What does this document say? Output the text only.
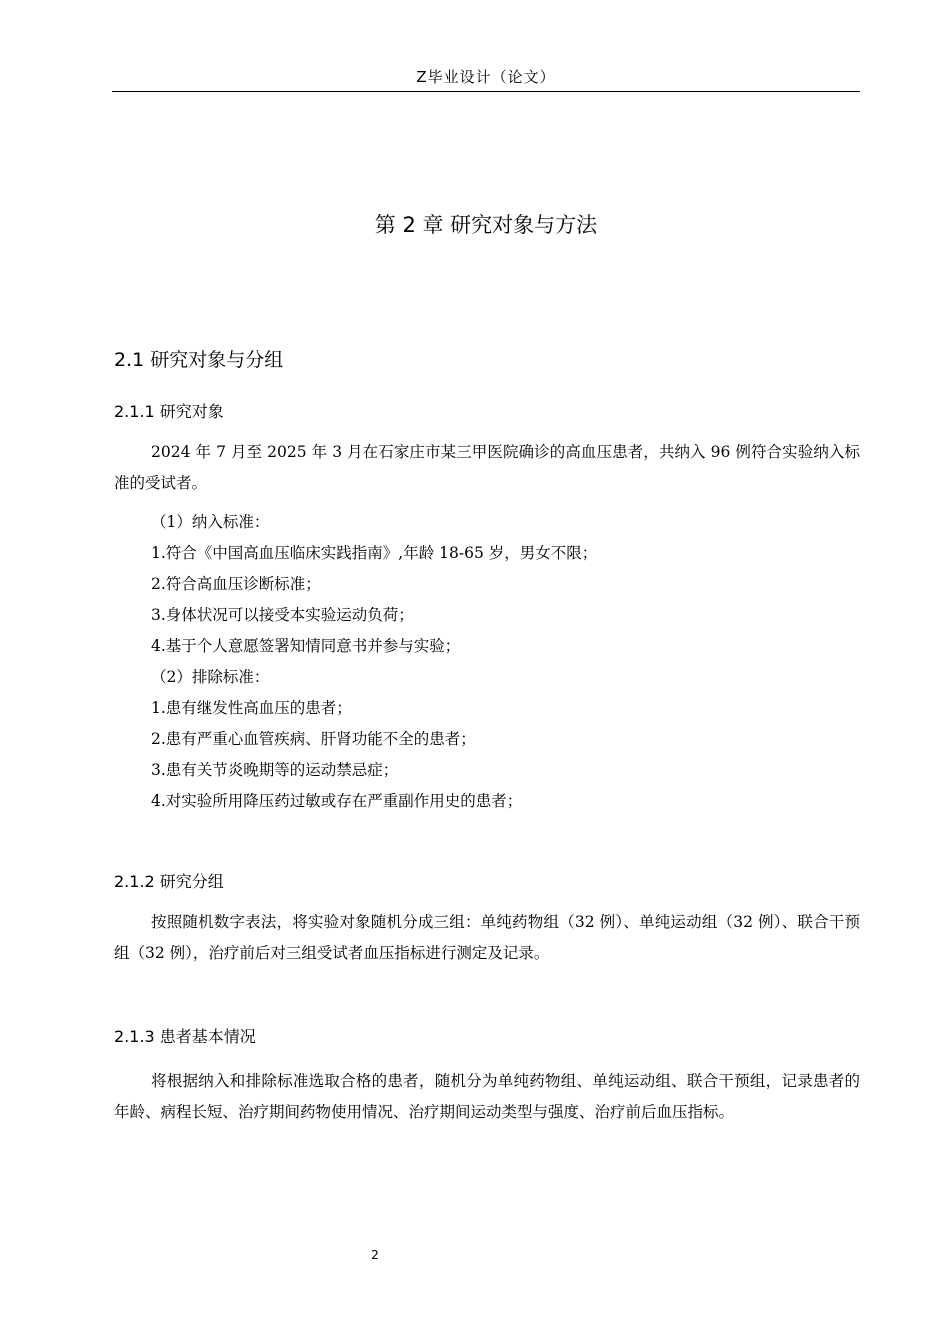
Z毕业设计（论文）
第 2 章 研究对象与方法
2.1 研究对象与分组
2.1.1 研究对象

2024 年 7 月至 2025 年 3 月在石家庄市某三甲医院确诊的高血压患者，共纳入 96 例符合实验纳入标准的受试者。

（1）纳入标准：

1.符合《中国高血压临床实践指南》,年龄 18-65 岁，男女不限；

2.符合高血压诊断标准；

3.身体状况可以接受本实验运动负荷；

4.基于个人意愿签署知情同意书并参与实验；

（2）排除标准：

1.患有继发性高血压的患者；

2.患有严重心血管疾病、肝肾功能不全的患者；

3.患有关节炎晚期等的运动禁忌症；

4.对实验所用降压药过敏或存在严重副作用史的患者；

2.1.2 研究分组

按照随机数字表法，将实验对象随机分成三组：单纯药物组（32 例）、单纯运动组（32 例）、联合干预组（32 例），治疗前后对三组受试者血压指标进行测定及记录。

2.1.3 患者基本情况

将根据纳入和排除标准选取合格的患者，随机分为单纯药物组、单纯运动组、联合干预组，记录患者的年龄、病程长短、治疗期间药物使用情况、治疗期间运动类型与强度、治疗前后血压指标。

2
